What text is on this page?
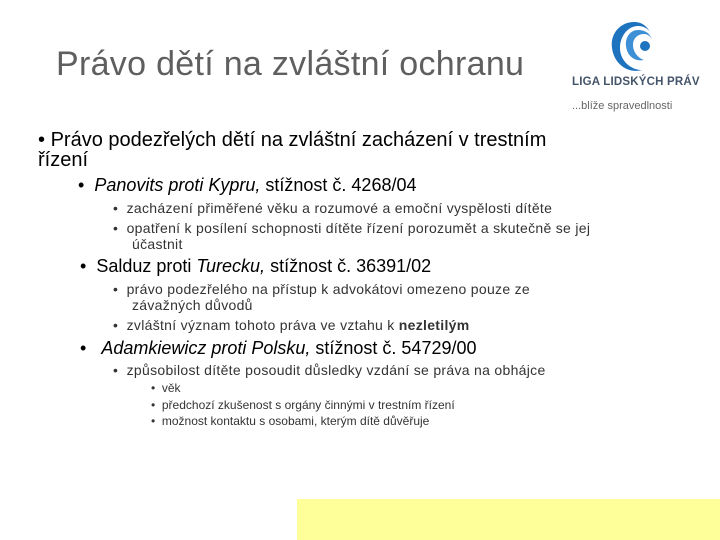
Právo dětí na zvláštní ochranu	LIGA LIDSKÝCH PRÁV
...blíže spravedlnosti
• Právo podezřelých dětí na zvláštní zacházení v trestním
řízení
•  Panovits proti Kypru, stížnost č. 4268/04
•  zacházení přiměřené věku a rozumové a emoční vyspělosti dítěte
•  opatření k posílení schopnosti dítěte řízení porozumět a skutečně se jej
účastnit
•  Salduz proti Turecku, stížnost č. 36391/02
•  právo podezřelého na přístup k advokátovi omezeno pouze ze
závažných důvodů
•  zvláštní význam tohoto práva ve vztahu k nezletilým
•   Adamkiewicz proti Polsku, stížnost č. 54729/00
•  způsobilost dítěte posoudit důsledky vzdání se práva na obhájce
•  věk
•  předchozí zkušenost s orgány činnými v trestním řízení
•  možnost kontaktu s osobami, kterým dítě důvěřuje
